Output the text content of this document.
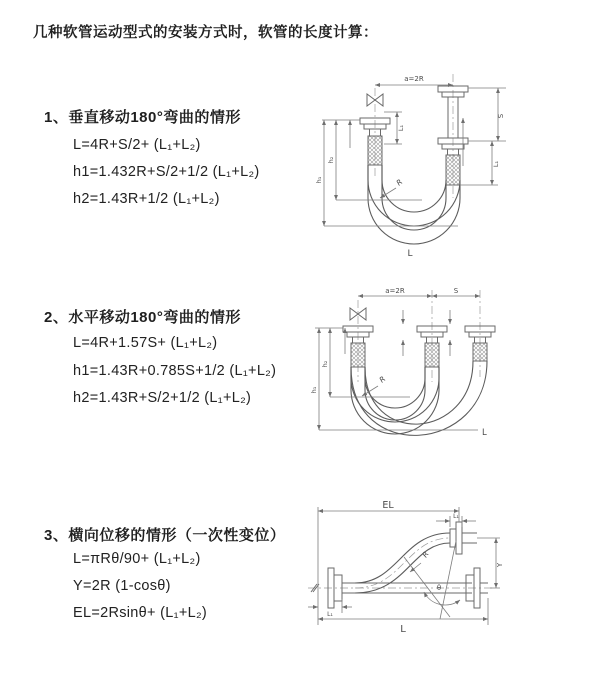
几种软管运动型式的安装方式时，软管的长度计算：
1、垂直移动180°弯曲的情形
L=4R+S/2+ (L₁+L₂)
h1=1.432R+S/2+1/2 (L₁+L₂)
h2=1.43R+1/2 (L₁+L₂)
2、水平移动180°弯曲的情形
L=4R+1.57S+ (L₁+L₂)
h1=1.43R+0.785S+1/2 (L₁+L₂)
h2=1.43R+S/2+1/2 (L₁+L₂)
3、横向位移的情形（一次性变位）
L=πRθ/90+ (L₁+L₂)
Y=2R (1-cosθ)
EL=2Rsinθ+ (L₁+L₂)
a=2R
L₁
S
L₁
h₂
h₁	R
L
a=2R	S
h₂
h₁
R
L
EL
L₁
Y
θ
R
L
L₁
